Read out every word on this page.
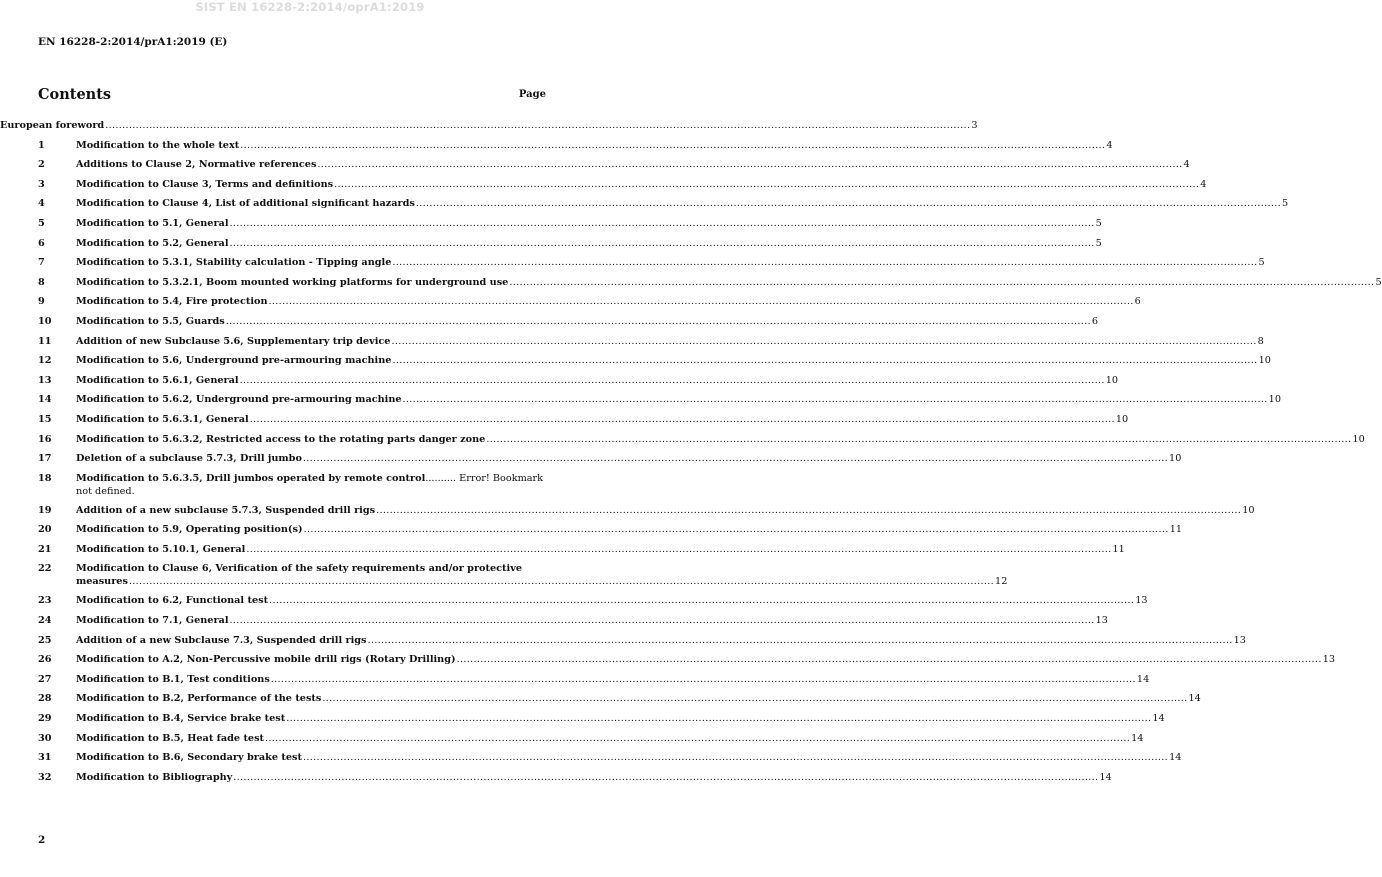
SIST EN 16228-2:2014/oprA1:2019
EN 16228-2:2014/prA1:2019 (E)
Contents	Page
European foreword .....	3
1	Modification to the whole text .....	4
2	Additions to Clause 2, Normative references .....	4
3	Modification to Clause 3, Terms and definitions .....	4
4	Modification to Clause 4, List of additional significant hazards .....	5
5	Modification to 5.1, General .....	5
6	Modification to 5.2, General .....	5
7	Modification to 5.3.1, Stability calculation - Tipping angle .....	5
8	Modification to 5.3.2.1, Boom mounted working platforms for underground use .....	5
9	Modification to 5.4, Fire protection .....	6
10	Modification to 5.5, Guards .....	6
11	Addition of new Subclause 5.6, Supplementary trip device .....	8
12	Modification to 5.6, Underground pre-armouring machine .....	10
13	Modification to 5.6.1, General .....	10
14	Modification to 5.6.2, Underground pre-armouring machine .....	10
15	Modification to 5.6.3.1, General .....	10
16	Modification to 5.6.3.2, Restricted access to the rotating parts danger zone .....	10
17	Deletion of a subclause 5.7.3, Drill jumbo .....	10
18	Modification to 5.6.3.5, Drill jumbos operated by remote control.......... Error! Bookmark not defined.
19	Addition of a new subclause 5.7.3, Suspended drill rigs .....	10
20	Modification to 5.9, Operating position(s) .....	11
21	Modification to 5.10.1, General .....	11
22	Modification to Clause 6, Verification of the safety requirements and/or protective
measures .....	12
23	Modification to 6.2, Functional test .....	13
24	Modification to 7.1, General .....	13
25	Addition of a new Subclause 7.3, Suspended drill rigs .....	13
26	Modification to A.2, Non-Percussive mobile drill rigs (Rotary Drilling) .....	13
27	Modification to B.1, Test conditions .....	14
28	Modification to B.2, Performance of the tests .....	14
29	Modification to B.4, Service brake test .....	14
30	Modification to B.5, Heat fade test .....	14
31	Modification to B.6, Secondary brake test .....	14
32	Modification to Bibliography .....	14
2
